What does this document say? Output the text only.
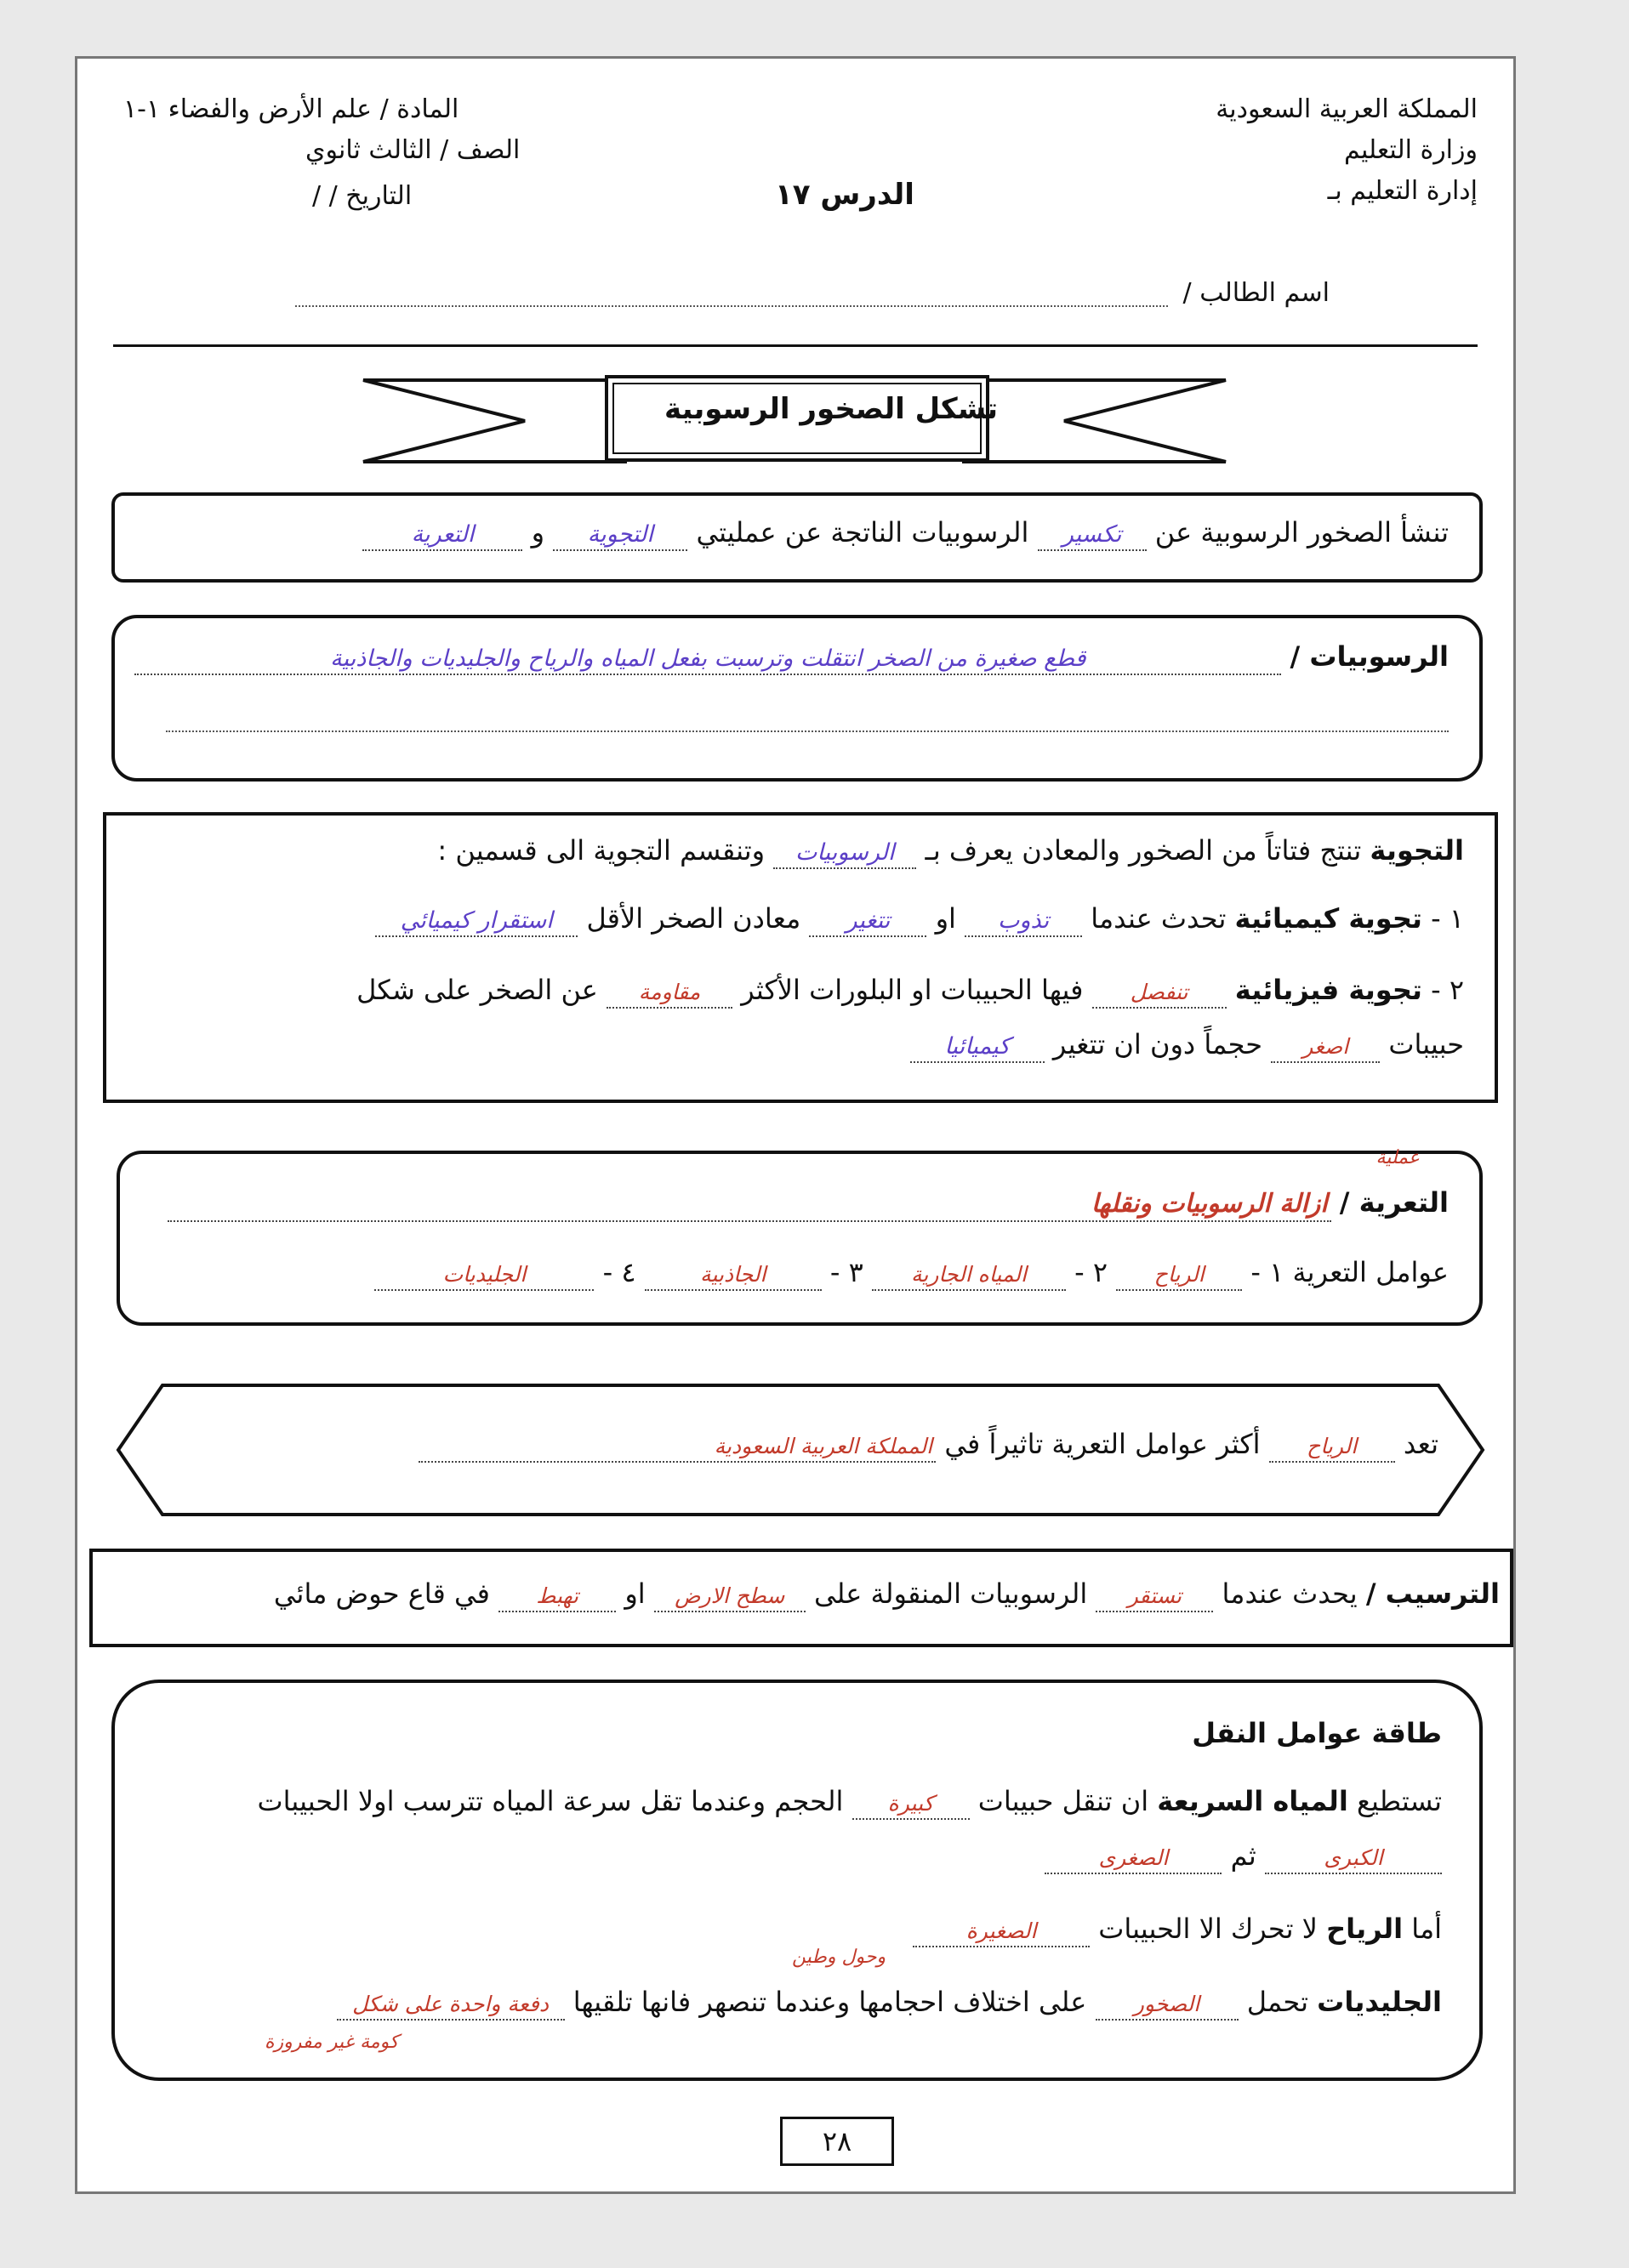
المملكة العربية السعودية
وزارة التعليم
إدارة التعليم بـ
المادة / علم الأرض والفضاء ١-١
الصف / الثالث ثانوي
التاريخ / /	الدرس ١٧
اسم الطالب /
تشكل الصخور الرسوبية
تنشأ الصخور الرسوبية عن تكسير الرسوبيات الناتجة عن عمليتي التجوية و التعرية
الرسوبيات / قطع صغيرة من الصخر انتقلت وترسبت بفعل المياه والرياح والجليديات والجاذبية
التجوية تنتج فتاتاً من الصخور والمعادن يعرف بـ الرسوبيات وتنقسم التجوية الى قسمين :
١ - تجوية كيميائية تحدث عندما تذوب او تتغير معادن الصخر الأقل استقرار كيميائي
٢ - تجوية فيزيائية تنفصل فيها الحبيبات او البلورات الأكثر مقاومة عن الصخر على شكل
حبيبات اصغر حجماً دون ان تتغير كيميائيا
التعرية / ازالة الرسوبيات ونقلها
عملية
عوامل التعرية ١ - الرياح ٢ - المياه الجارية ٣ - الجاذبية ٤ - الجليديات
تعد الرياح أكثر عوامل التعرية تاثيراً في المملكة العربية السعودية
الترسيب / يحدث عندما تستقر الرسوبيات المنقولة على سطح الارض او تهبط في قاع حوض مائي
طاقة عوامل النقل
تستطيع المياه السريعة ان تنقل حبيبات كبيرة الحجم وعندما تقل سرعة المياه تترسب اولا الحبيبات
الكبرى ثم الصغرى
أما الرياح لا تحرك الا الحبيبات الصغيرة
وحول وطين
الجليديات تحمل الصخور على اختلاف احجامها وعندما تنصهر فانها تلقيها دفعة واحدة على شكل
كومة غير مفروزة
٢٨
